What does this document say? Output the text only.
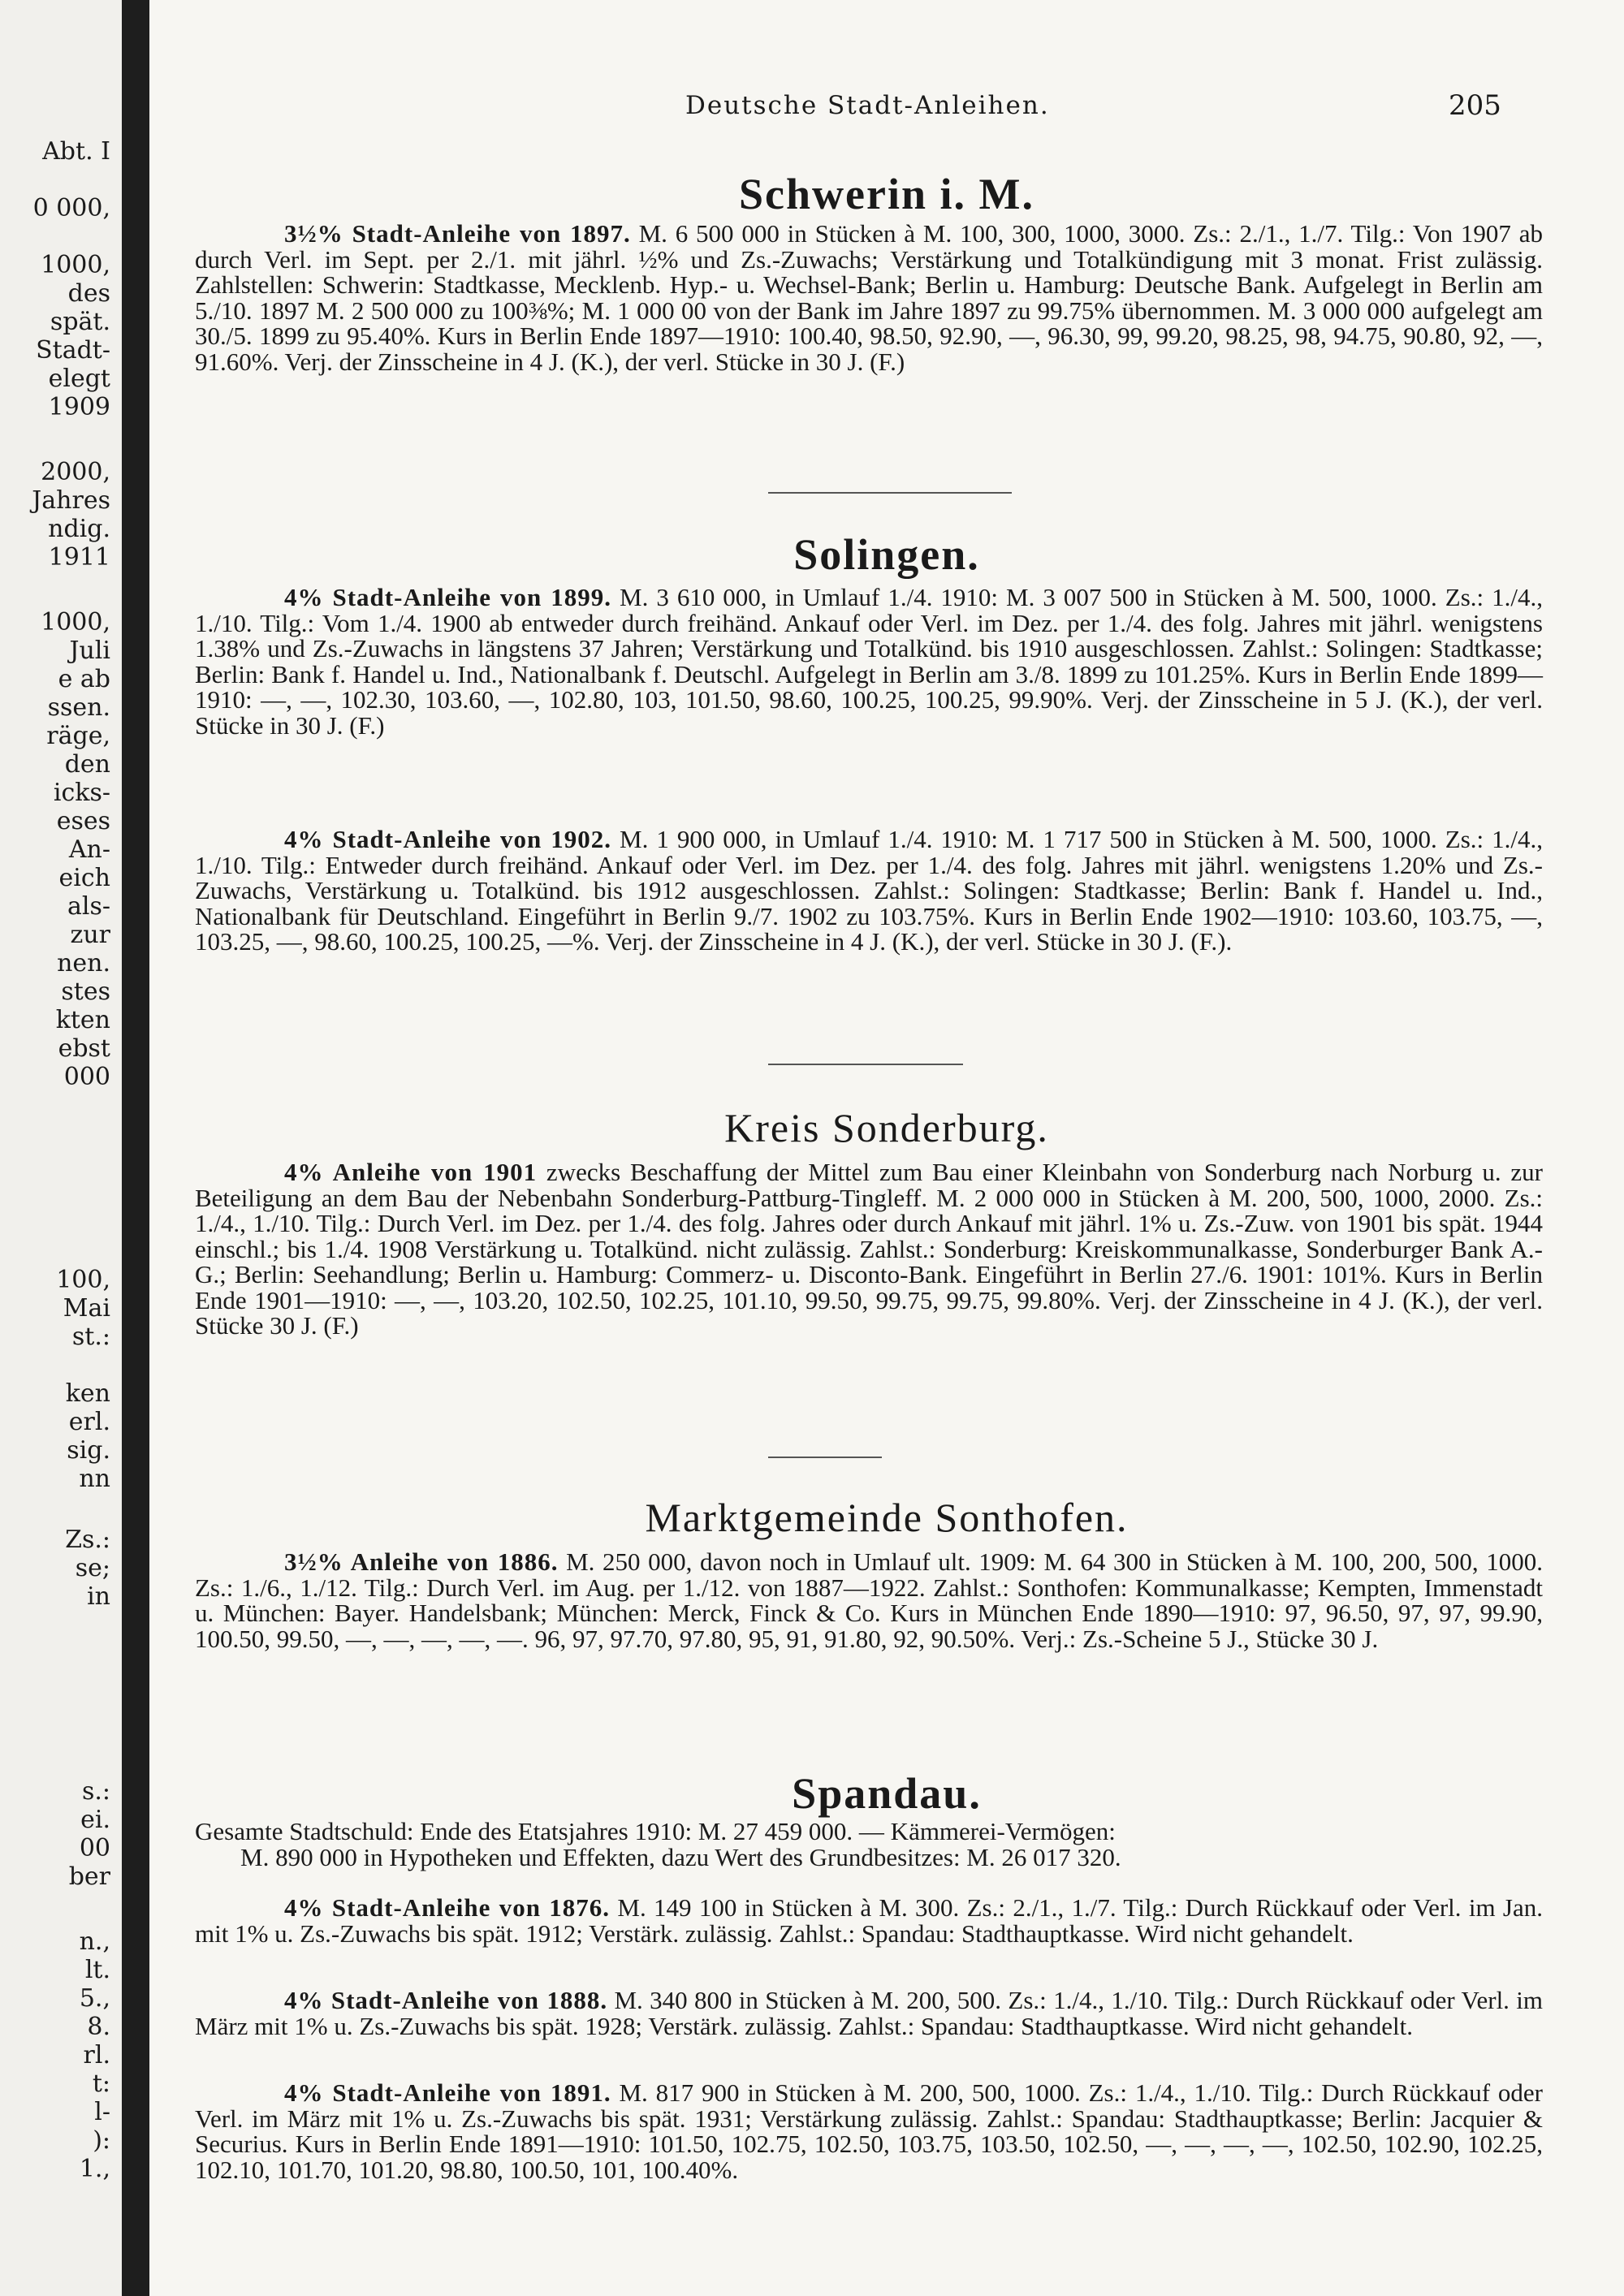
Abt. I
0 000,
1000,
des
spät.
Stadt-
elegt
1909
2000,
Jahres
ndig.
1911
1000,
Juli
e ab
ssen.
räge,
den
icks-
eses
An-
eich
als-
zur
nen.
stes
kten
ebst
000
100,
Mai
st.:
ken
erl.
sig.
nn
Zs.:
se;
in
s.:
ei.
00
ber
n.,
lt.
5.,
8.
rl.
t:
l-
):
1.,
Deutsche Stadt-Anleihen.	205
Schwerin i. M.

3½% Stadt-Anleihe von 1897. M. 6 500 000 in Stücken à M. 100, 300, 1000, 3000. Zs.: 2./1., 1./7. Tilg.: Von 1907 ab durch Verl. im Sept. per 2./1. mit jährl. ½% und Zs.-Zuwachs; Verstärkung und Totalkündigung mit 3 monat. Frist zulässig. Zahlstellen: Schwerin: Stadtkasse, Mecklenb. Hyp.- u. Wechsel-Bank; Berlin u. Hamburg: Deutsche Bank. Aufgelegt in Berlin am 5./10. 1897 M. 2 500 000 zu 100⅜%; M. 1 000 00 von der Bank im Jahre 1897 zu 99.75% übernommen. M. 3 000 000 aufgelegt am 30./5. 1899 zu 95.40%. Kurs in Berlin Ende 1897—1910: 100.40, 98.50, 92.90, —, 96.30, 99, 99.20, 98.25, 98, 94.75, 90.80, 92, —, 91.60%. Verj. der Zinsscheine in 4 J. (K.), der verl. Stücke in 30 J. (F.)

Solingen.

4% Stadt-Anleihe von 1899. M. 3 610 000, in Umlauf 1./4. 1910: M. 3 007 500 in Stücken à M. 500, 1000. Zs.: 1./4., 1./10. Tilg.: Vom 1./4. 1900 ab entweder durch freihänd. Ankauf oder Verl. im Dez. per 1./4. des folg. Jahres mit jährl. wenigstens 1.38% und Zs.-Zuwachs in längstens 37 Jahren; Verstärkung und Totalkünd. bis 1910 ausgeschlossen. Zahlst.: Solingen: Stadtkasse; Berlin: Bank f. Handel u. Ind., Nationalbank f. Deutschl. Aufgelegt in Berlin am 3./8. 1899 zu 101.25%. Kurs in Berlin Ende 1899—1910: —, —, 102.30, 103.60, —, 102.80, 103, 101.50, 98.60, 100.25, 100.25, 99.90%. Verj. der Zinsscheine in 5 J. (K.), der verl. Stücke in 30 J. (F.)

4% Stadt-Anleihe von 1902. M. 1 900 000, in Umlauf 1./4. 1910: M. 1 717 500 in Stücken à M. 500, 1000. Zs.: 1./4., 1./10. Tilg.: Entweder durch freihänd. Ankauf oder Verl. im Dez. per 1./4. des folg. Jahres mit jährl. wenigstens 1.20% und Zs.-Zuwachs, Verstärkung u. Totalkünd. bis 1912 ausgeschlossen. Zahlst.: Solingen: Stadtkasse; Berlin: Bank f. Handel u. Ind., Nationalbank für Deutschland. Eingeführt in Berlin 9./7. 1902 zu 103.75%. Kurs in Berlin Ende 1902—1910: 103.60, 103.75, —, 103.25, —, 98.60, 100.25, 100.25, —%. Verj. der Zinsscheine in 4 J. (K.), der verl. Stücke in 30 J. (F.).

Kreis Sonderburg.

4% Anleihe von 1901 zwecks Beschaffung der Mittel zum Bau einer Kleinbahn von Sonderburg nach Norburg u. zur Beteiligung an dem Bau der Nebenbahn Sonderburg-Pattburg-Tingleff. M. 2 000 000 in Stücken à M. 200, 500, 1000, 2000. Zs.: 1./4., 1./10. Tilg.: Durch Verl. im Dez. per 1./4. des folg. Jahres oder durch Ankauf mit jährl. 1% u. Zs.-Zuw. von 1901 bis spät. 1944 einschl.; bis 1./4. 1908 Verstärkung u. Totalkünd. nicht zulässig. Zahlst.: Sonderburg: Kreiskommunalkasse, Sonderburger Bank A.-G.; Berlin: Seehandlung; Berlin u. Hamburg: Commerz- u. Disconto-Bank. Eingeführt in Berlin 27./6. 1901: 101%. Kurs in Berlin Ende 1901—1910: —, —, 103.20, 102.50, 102.25, 101.10, 99.50, 99.75, 99.75, 99.80%. Verj. der Zinsscheine in 4 J. (K.), der verl. Stücke 30 J. (F.)

Marktgemeinde Sonthofen.

3½% Anleihe von 1886. M. 250 000, davon noch in Umlauf ult. 1909: M. 64 300 in Stücken à M. 100, 200, 500, 1000. Zs.: 1./6., 1./12. Tilg.: Durch Verl. im Aug. per 1./12. von 1887—1922. Zahlst.: Sonthofen: Kommunalkasse; Kempten, Immenstadt u. München: Bayer. Handelsbank; München: Merck, Finck & Co. Kurs in München Ende 1890—1910: 97, 96.50, 97, 97, 99.90, 100.50, 99.50, —, —, —, —, —. 96, 97, 97.70, 97.80, 95, 91, 91.80, 92, 90.50%. Verj.: Zs.-Scheine 5 J., Stücke 30 J.

Spandau.
Gesamte Stadtschuld: Ende des Etatsjahres 1910: M. 27 459 000. — Kämmerei-Vermögen:
M. 890 000 in Hypotheken und Effekten, dazu Wert des Grundbesitzes: M. 26 017 320.

4% Stadt-Anleihe von 1876. M. 149 100 in Stücken à M. 300. Zs.: 2./1., 1./7. Tilg.: Durch Rückkauf oder Verl. im Jan. mit 1% u. Zs.-Zuwachs bis spät. 1912; Verstärk. zulässig. Zahlst.: Spandau: Stadthauptkasse. Wird nicht gehandelt.

4% Stadt-Anleihe von 1888. M. 340 800 in Stücken à M. 200, 500. Zs.: 1./4., 1./10. Tilg.: Durch Rückkauf oder Verl. im März mit 1% u. Zs.-Zuwachs bis spät. 1928; Verstärk. zulässig. Zahlst.: Spandau: Stadthauptkasse. Wird nicht gehandelt.

4% Stadt-Anleihe von 1891. M. 817 900 in Stücken à M. 200, 500, 1000. Zs.: 1./4., 1./10. Tilg.: Durch Rückkauf oder Verl. im März mit 1% u. Zs.-Zuwachs bis spät. 1931; Verstärkung zulässig. Zahlst.: Spandau: Stadthauptkasse; Berlin: Jacquier & Securius. Kurs in Berlin Ende 1891—1910: 101.50, 102.75, 102.50, 103.75, 103.50, 102.50, —, —, —, —, 102.50, 102.90, 102.25, 102.10, 101.70, 101.20, 98.80, 100.50, 101, 100.40%.
